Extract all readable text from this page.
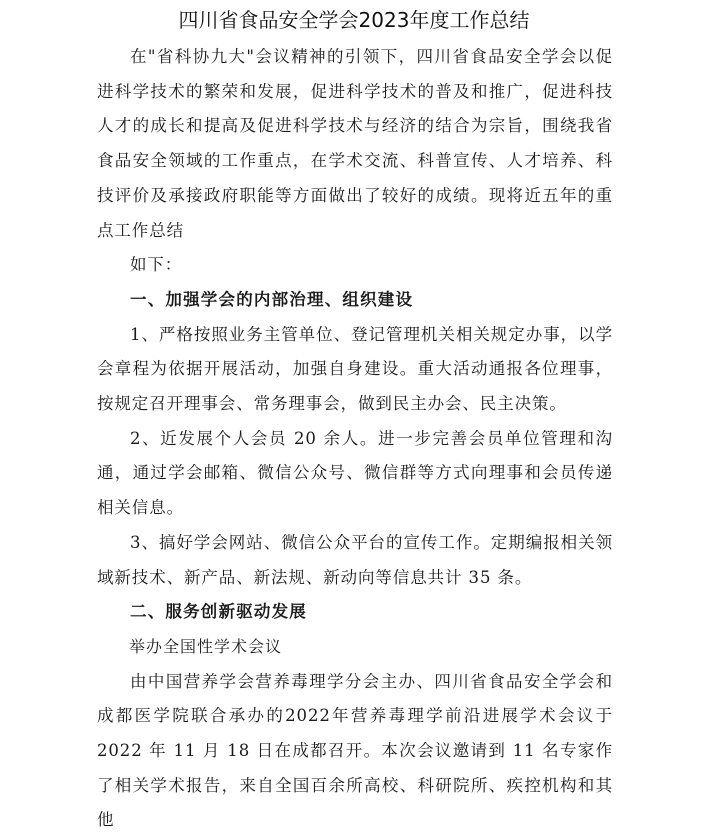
四川省食品安全学会2023年度工作总结

在"省科协九大"会议精神的引领下，四川省食品安全学会以促进科学技术的繁荣和发展，促进科学技术的普及和推广，促进科技人才的成长和提高及促进科学技术与经济的结合为宗旨，围绕我省食品安全领域的工作重点，在学术交流、科普宣传、人才培养、科技评价及承接政府职能等方面做出了较好的成绩。现将近五年的重点工作总结

如下：

一、加强学会的内部治理、组织建设

1、严格按照业务主管单位、登记管理机关相关规定办事，以学会章程为依据开展活动，加强自身建设。重大活动通报各位理事，按规定召开理事会、常务理事会，做到民主办会、民主决策。

2、近发展个人会员 20 余人。进一步完善会员单位管理和沟通，通过学会邮箱、微信公众号、微信群等方式向理事和会员传递相关信息。

3、搞好学会网站、微信公众平台的宣传工作。定期编报相关领域新技术、新产品、新法规、新动向等信息共计 35 条。

二、服务创新驱动发展

举办全国性学术会议

由中国营养学会营养毒理学分会主办、四川省食品安全学会和成都医学院联合承办的2022年营养毒理学前沿进展学术会议于2022 年 11 月 18 日在成都召开。本次会议邀请到 11 名专家作了相关学术报告，来自全国百余所高校、科研院所、疾控机构和其他
